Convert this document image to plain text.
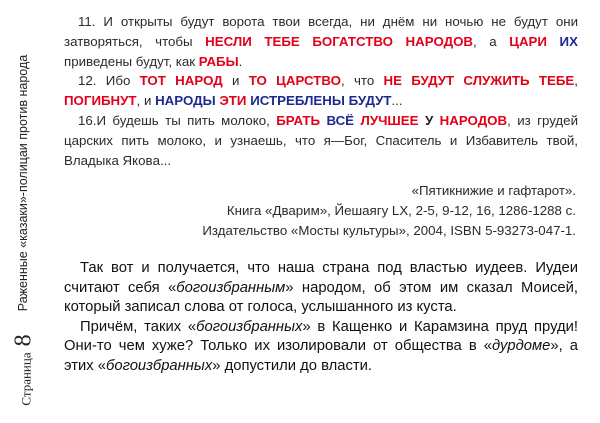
Раженные «казаки»-полицаи против народа
Страница
8

11. И открыты будут ворота твои всегда, ни днём ни ночью не будут они затворяться, чтобы НЕСЛИ ТЕБЕ БОГАТСТВО НАРОДОВ, а ЦАРИ ИХ приведены будут, как РАБЫ.

12. Ибо ТОТ НАРОД и ТО ЦАРСТВО, что НЕ БУДУТ СЛУЖИТЬ ТЕБЕ, ПОГИБНУТ, и НАРОДЫ ЭТИ ИСТРЕБЛЕНЫ БУДУТ...

16.И будешь ты пить молоко, БРАТЬ ВСЁ ЛУЧШЕЕ У НАРОДОВ, из грудей царских пить молоко, и узнаешь, что я—Бог, Спаситель и Избавитель твой, Владыка Яковa...

«Пятикнижие и гафтарот».
Книга «Дварим», Йешаягу LX, 2-5, 9-12, 16, 1286-1288 с.
Издательство «Мосты культуры», 2004, ISBN 5-93273-047-1.

Так вот и получается, что наша страна под властью иудеев. Иудеи считают себя «богоизбранным» народом, об этом им сказал Моисей, который записал слова от голоса, услышанного из куста.

Причём, таких «богоизбранных» в Кащенко и Карамзина пруд пруди! Они-то чем хуже? Только их изолировали от общества в «дурдоме», а этих «богоизбранных» допустили до власти.
